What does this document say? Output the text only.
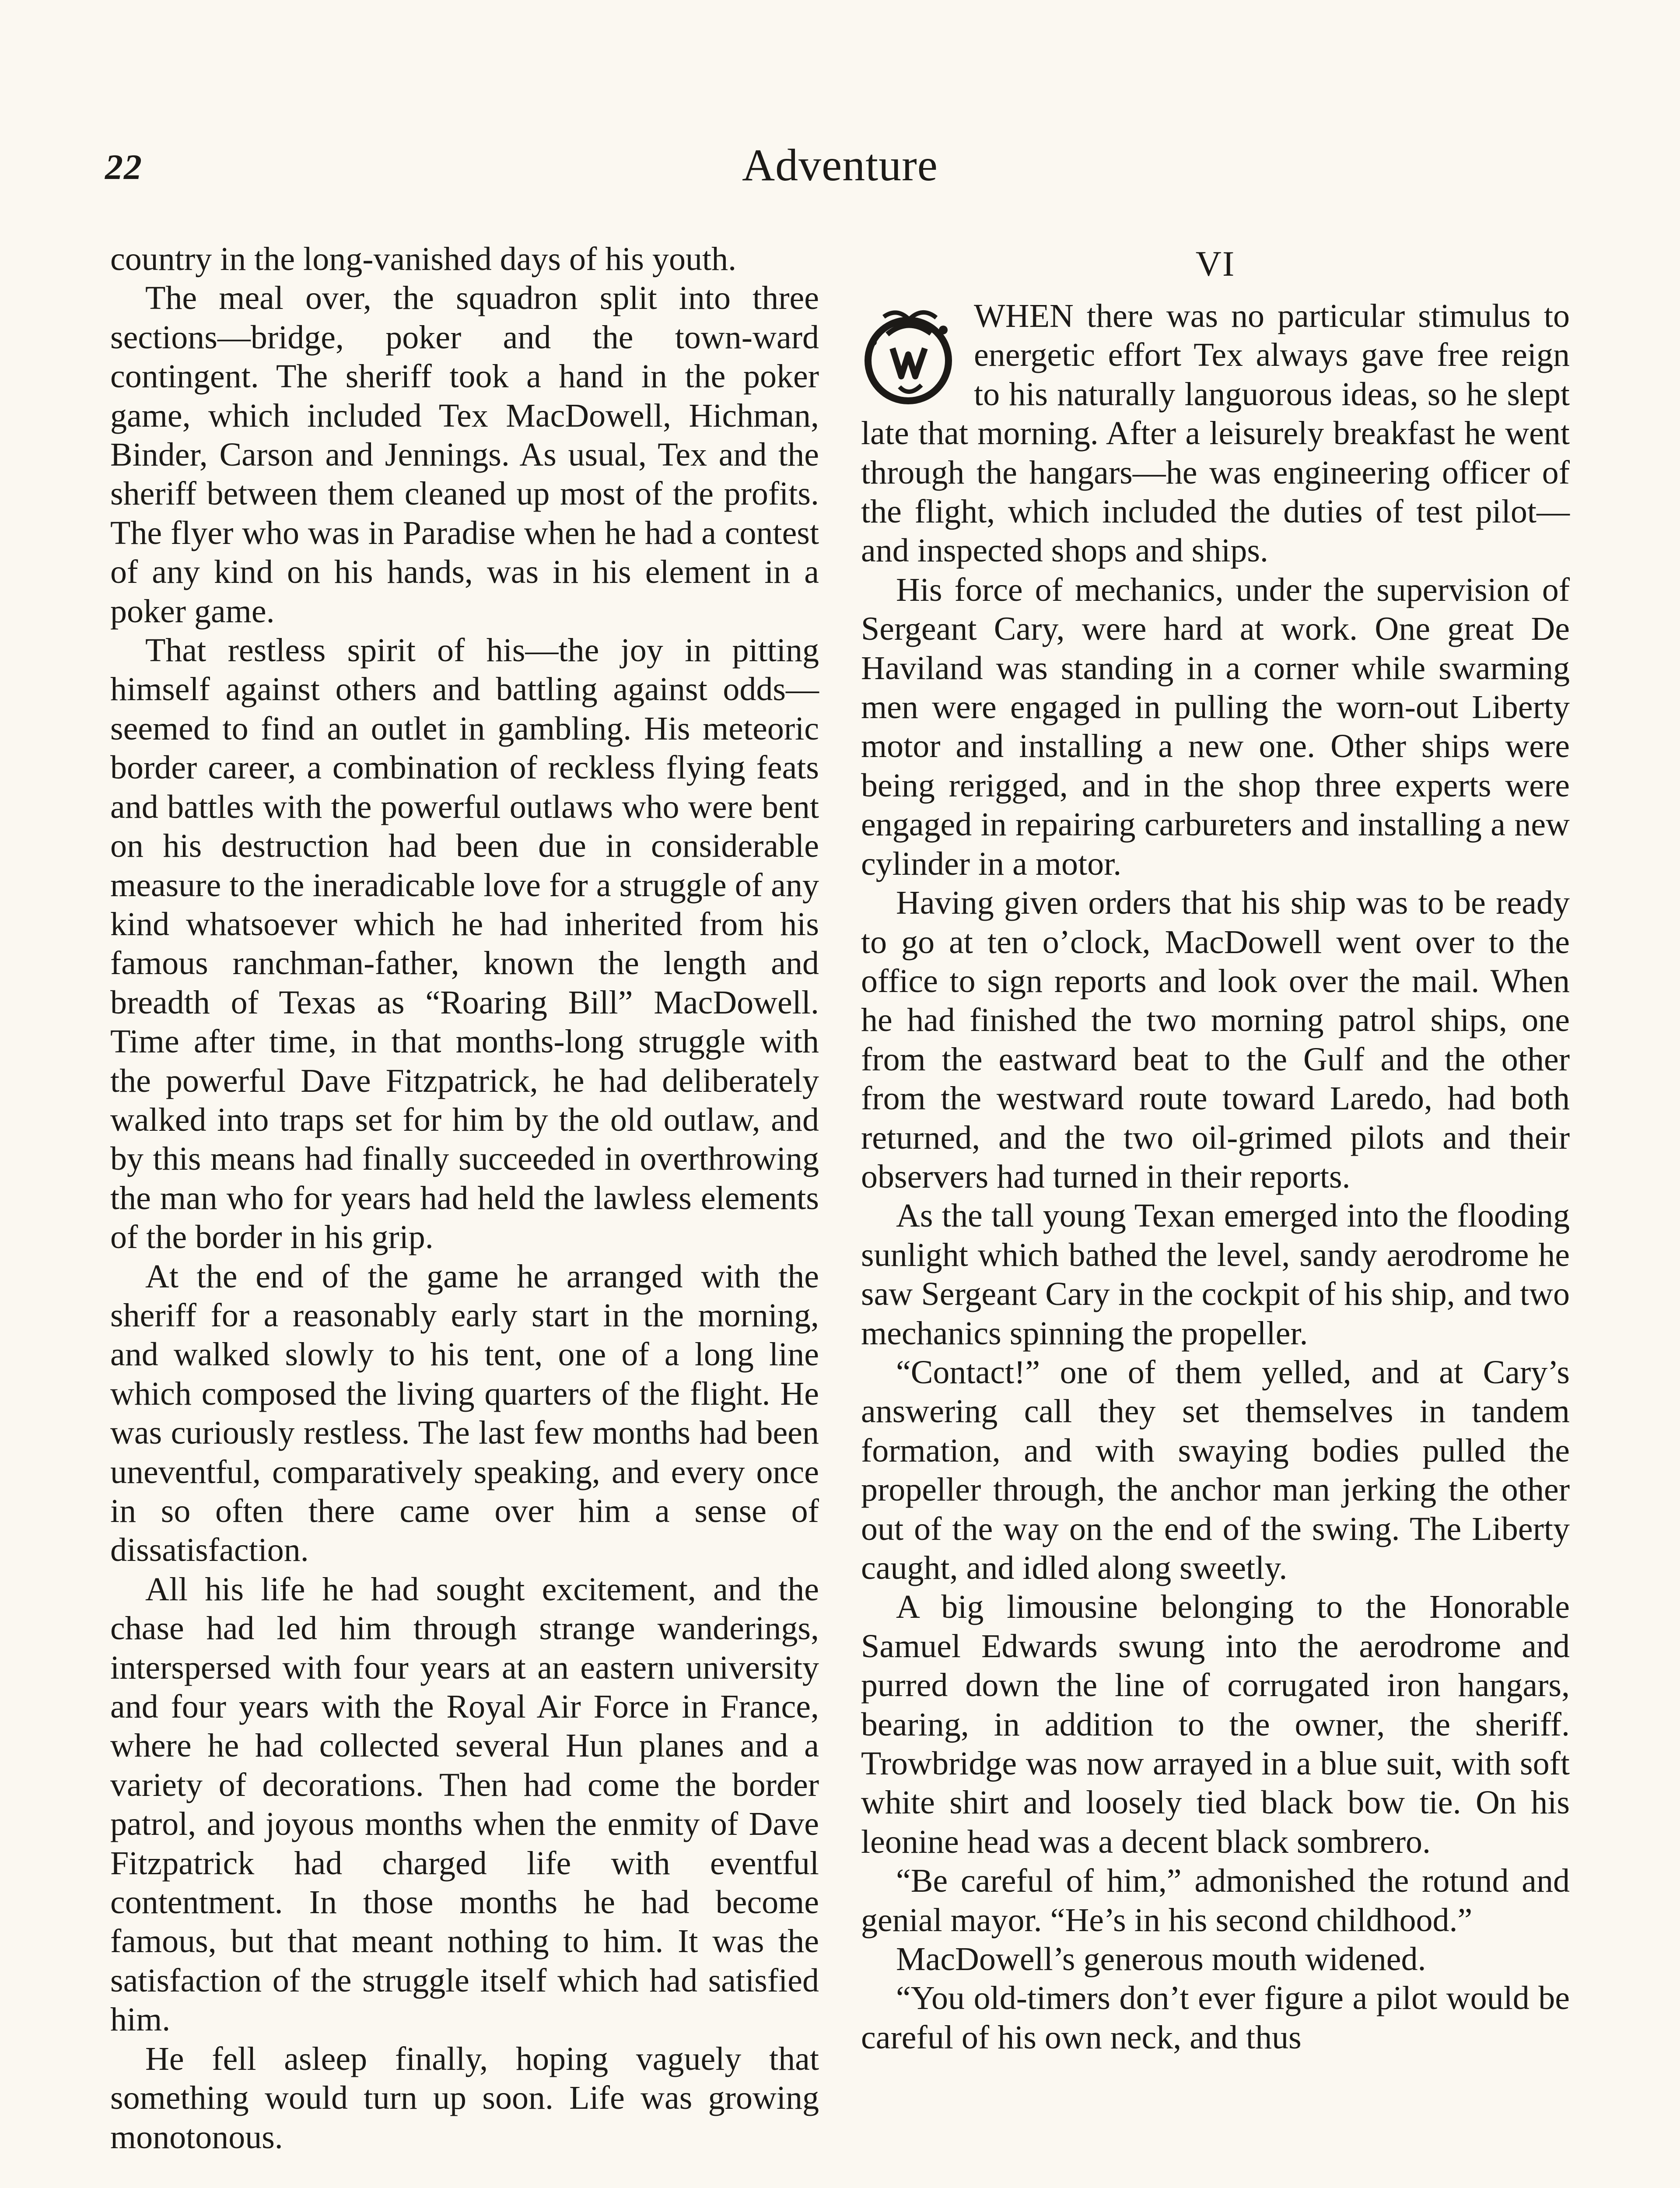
22	Adventure

country in the long-vanished days of his youth.

The meal over, the squadron split into three sections—bridge, poker and the town-ward contingent. The sheriff took a hand in the poker game, which included Tex MacDowell, Hichman, Binder, Carson and Jennings. As usual, Tex and the sheriff between them cleaned up most of the profits. The flyer who was in Paradise when he had a contest of any kind on his hands, was in his element in a poker game.

That restless spirit of his—the joy in pitting himself against others and battling against odds—seemed to find an outlet in gambling. His meteoric border career, a combination of reckless flying feats and battles with the powerful outlaws who were bent on his destruction had been due in considerable measure to the ineradicable love for a struggle of any kind whatsoever which he had inherited from his famous ranchman-father, known the length and breadth of Texas as “Roaring Bill” MacDowell. Time after time, in that months-long struggle with the powerful Dave Fitzpatrick, he had deliberately walked into traps set for him by the old outlaw, and by this means had finally succeeded in overthrowing the man who for years had held the lawless elements of the border in his grip.

At the end of the game he arranged with the sheriff for a reasonably early start in the morning, and walked slowly to his tent, one of a long line which composed the living quarters of the flight. He was curiously restless. The last few months had been uneventful, comparatively speaking, and every once in so often there came over him a sense of dissatisfaction.

All his life he had sought excitement, and the chase had led him through strange wanderings, interspersed with four years at an eastern university and four years with the Royal Air Force in France, where he had collected several Hun planes and a variety of decorations. Then had come the border patrol, and joyous months when the enmity of Dave Fitzpatrick had charged life with eventful contentment. In those months he had become famous, but that meant nothing to him. It was the satisfaction of the struggle itself which had satisfied him.

He fell asleep finally, hoping vaguely that something would turn up soon. Life was growing monotonous.

VI

WHEN there was no particular stimulus to energetic effort Tex always gave free reign to his naturally languorous ideas, so he slept late that morning. After a leisurely breakfast he went through the hangars—he was engineering officer of the flight, which included the duties of test pilot—and inspected shops and ships.

His force of mechanics, under the supervision of Sergeant Cary, were hard at work. One great De Haviland was standing in a corner while swarming men were engaged in pulling the worn-out Liberty motor and installing a new one. Other ships were being rerigged, and in the shop three experts were engaged in repairing carbureters and installing a new cylinder in a motor.

Having given orders that his ship was to be ready to go at ten o’clock, MacDowell went over to the office to sign reports and look over the mail. When he had finished the two morning patrol ships, one from the eastward beat to the Gulf and the other from the westward route toward Laredo, had both returned, and the two oil-grimed pilots and their observers had turned in their reports.

As the tall young Texan emerged into the flooding sunlight which bathed the level, sandy aerodrome he saw Sergeant Cary in the cockpit of his ship, and two mechanics spinning the propeller.

“Contact!” one of them yelled, and at Cary’s answering call they set themselves in tandem formation, and with swaying bodies pulled the propeller through, the anchor man jerking the other out of the way on the end of the swing. The Liberty caught, and idled along sweetly.

A big limousine belonging to the Honorable Samuel Edwards swung into the aerodrome and purred down the line of corrugated iron hangars, bearing, in addition to the owner, the sheriff. Trowbridge was now arrayed in a blue suit, with soft white shirt and loosely tied black bow tie. On his leonine head was a decent black sombrero.

“Be careful of him,” admonished the rotund and genial mayor. “He’s in his second childhood.”

MacDowell’s generous mouth widened.

“You old-timers don’t ever figure a pilot would be careful of his own neck, and thus
